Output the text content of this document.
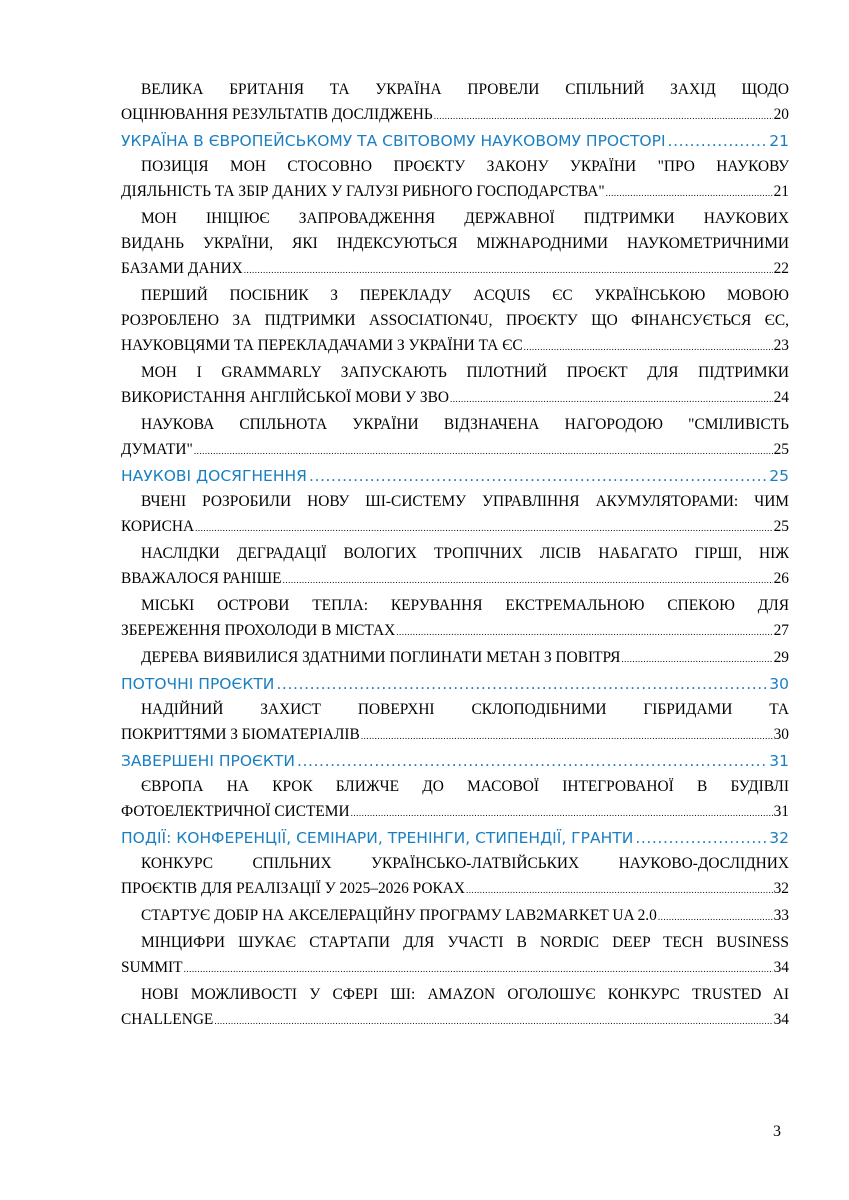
ВЕЛИКА БРИТАНІЯ ТА УКРАЇНА ПРОВЕЛИ СПІЛЬНИЙ ЗАХІД ЩОДО
ОЦІНЮВАННЯ РЕЗУЛЬТАТІВ ДОСЛІДЖЕНЬ .....	20
УКРАЇНА В ЄВРОПЕЙСЬКОМУ ТА СВІТОВОМУ НАУКОВОМУ ПРОСТОРІ .....	21
ПОЗИЦІЯ МОН СТОСОВНО ПРОЄКТУ ЗАКОНУ УКРАЇНИ "ПРО НАУКОВУ
ДІЯЛЬНІСТЬ ТА ЗБІР ДАНИХ У ГАЛУЗІ РИБНОГО ГОСПОДАРСТВА" .....	21
МОН ІНІЦІЮЄ ЗАПРОВАДЖЕННЯ ДЕРЖАВНОЇ ПІДТРИМКИ НАУКОВИХ
ВИДАНЬ УКРАЇНИ, ЯКІ ІНДЕКСУЮТЬСЯ МІЖНАРОДНИМИ НАУКОМЕТРИЧНИМИ
БАЗАМИ ДАНИХ .....	22
ПЕРШИЙ ПОСІБНИК З ПЕРЕКЛАДУ ACQUIS ЄС УКРАЇНСЬКОЮ МОВОЮ
РОЗРОБЛЕНО ЗА ПІДТРИМКИ ASSOCIATION4U, ПРОЄКТУ ЩО ФІНАНСУЄТЬСЯ ЄС,
НАУКОВЦЯМИ ТА ПЕРЕКЛАДАЧАМИ З УКРАЇНИ ТА ЄС .....	23
МОН І GRAMMARLY ЗАПУСКАЮТЬ ПІЛОТНИЙ ПРОЄКТ ДЛЯ ПІДТРИМКИ
ВИКОРИСТАННЯ АНГЛІЙСЬКОЇ МОВИ У ЗВО .....	24
НАУКОВА СПІЛЬНОТА УКРАЇНИ ВІДЗНАЧЕНА НАГОРОДОЮ "СМІЛИВІСТЬ
ДУМАТИ" .....	25
НАУКОВІ ДОСЯГНЕННЯ .....	25
ВЧЕНІ РОЗРОБИЛИ НОВУ ШІ-СИСТЕМУ УПРАВЛІННЯ АКУМУЛЯТОРАМИ: ЧИМ
КОРИСНА .....	25
НАСЛІДКИ ДЕГРАДАЦІЇ ВОЛОГИХ ТРОПІЧНИХ ЛІСІВ НАБАГАТО ГІРШІ, НІЖ
ВВАЖАЛОСЯ РАНІШЕ .....	26
МІСЬКІ ОСТРОВИ ТЕПЛА: КЕРУВАННЯ ЕКСТРЕМАЛЬНОЮ СПЕКОЮ ДЛЯ
ЗБЕРЕЖЕННЯ ПРОХОЛОДИ В МІСТАХ .....	27
ДЕРЕВА ВИЯВИЛИСЯ ЗДАТНИМИ ПОГЛИНАТИ МЕТАН З ПОВІТРЯ .....	29
ПОТОЧНІ ПРОЄКТИ .....	30
НАДІЙНИЙ ЗАХИСТ ПОВЕРХНІ СКЛОПОДІБНИМИ ГІБРИДАМИ ТА
ПОКРИТТЯМИ З БІОМАТЕРІАЛІВ .....	30
ЗАВЕРШЕНІ ПРОЄКТИ .....	31
ЄВРОПА НА КРОК БЛИЖЧЕ ДО МАСОВОЇ ІНТЕГРОВАНОЇ В БУДІВЛІ
ФОТОЕЛЕКТРИЧНОЇ СИСТЕМИ .....	31
ПОДІЇ: КОНФЕРЕНЦІЇ, СЕМІНАРИ, ТРЕНІНГИ, СТИПЕНДІЇ, ГРАНТИ .....	32
КОНКУРС СПІЛЬНИХ УКРАЇНСЬКО-ЛАТВІЙСЬКИХ НАУКОВО-ДОСЛІДНИХ
ПРОЄКТІВ ДЛЯ РЕАЛІЗАЦІЇ У 2025–2026 РОКАХ .....	32
СТАРТУЄ ДОБІР НА АКСЕЛЕРАЦІЙНУ ПРОГРАМУ LAB2MARKET UA 2.0 .....	33
МІНЦИФРИ ШУКАЄ СТАРТАПИ ДЛЯ УЧАСТІ В NORDIC DEEP TECH BUSINESS
SUMMIT .....	34
НОВІ МОЖЛИВОСТІ У СФЕРІ ШІ: AMAZON ОГОЛОШУЄ КОНКУРС TRUSTED AI
CHALLENGE .....	34
3
